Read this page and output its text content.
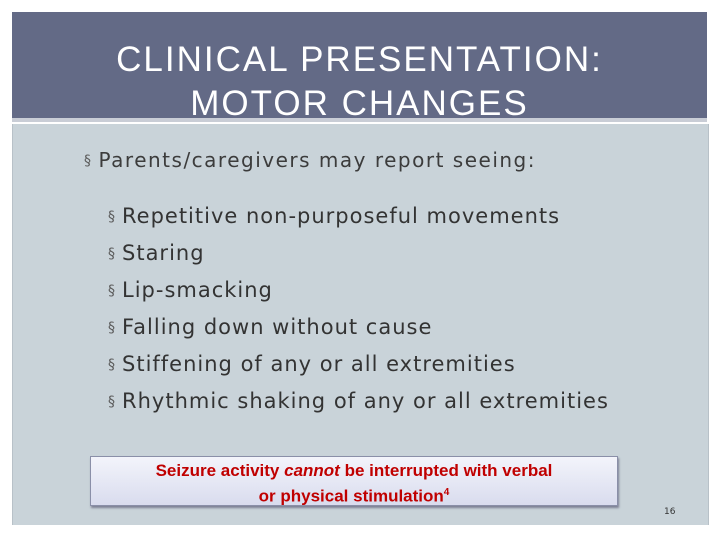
CLINICAL PRESENTATION:
MOTOR CHANGES
§ Parents/caregivers may report seeing:
§ Repetitive non-purposeful movements
§ Staring
§ Lip-smacking
§ Falling down without cause
§ Stiffening of any or all extremities
§ Rhythmic shaking of any or all extremities
Seizure activity cannot be interrupted with verbal
or physical stimulation$^4$
16
